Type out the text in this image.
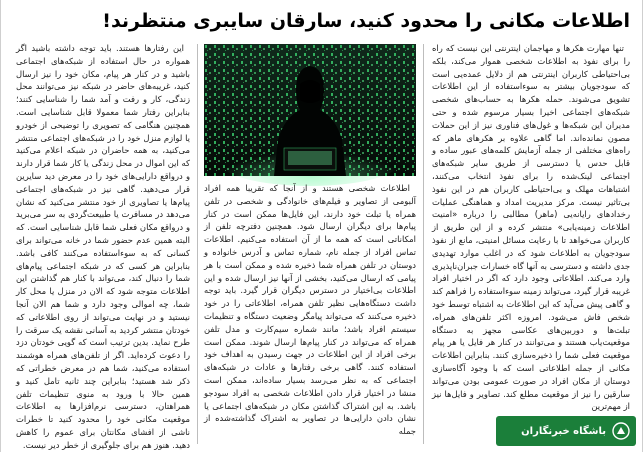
اطلاعات مکانی را محدود کنید، سارقان سایبری منتظرند!

تنها مهارت هکرها و مهاجمان اینترنتی این نیست که راه را برای نفوذ به اطلاعات شخصی هموار می‌کند، بلکه بی‌احتیاطی کاربران اینترنتی هم از دلایل عمده‌یی است که سودجویان بیشتر به سوءاستفاده از این اطلاعات تشویق می‌شوند. حمله هکرها به حساب‌های شخصی شبکه‌های اجتماعی اخیرا بسیار مرسوم شده و حتی مدیران این شبکه‌ها و غول‌های فناوری نیز از این حملات مصون نمانده‌اند. اما گاهی علاوه بر هکرهای ماهر که راه‌های مختلفی از جمله آزمایش کلمه‌های عبور ساده و قابل حدس یا دسترسی از طریق سایر شبکه‌های اجتماعی لینک‌شده را برای نفوذ انتخاب می‌کنند، اشتباهات مهلک و بی‌احتیاطی کاربران هم در این نفوذ بی‌تاثیر نیست. مرکز مدیریت امداد و هماهنگی عملیات رخدادهای رایانه‌یی (ماهر) مطالبی را درباره «امنیت اطلاعات زمینه‌یابی» منتشر کرده و از این طریق از کاربران می‌خواهد تا با رعایت مسائل امنیتی، مانع از نفوذ سودجویان به اطلاعات شود که در اغلب موارد تهدیدی جدی داشته و دسترسی به آنها گاه خسارات جبران‌ناپذیری وارد می‌کند. اطلاعاتی وجود دارد که اگر در اختیار افراد غریبه قرار گیرد، می‌تواند زمینه سوءاستفاده را فراهم کند و گاهی پیش می‌آید که این اطلاعات به اشتباه توسط خود شخص فاش می‌شود. امروزه اکثر تلفن‌های همراه، تبلت‌ها و دوربین‌های عکاسی مجهز به دستگاه موقعیت‌یاب هستند و می‌توانند در کنار هر فایل یا هر پیام موقعیت فعلی شما را ذخیره‌سازی کنند. بنابراین اطلاعات مکانی از جمله اطلاعاتی است که با وجود آگاه‌سازی دوستان از مکان افراد در صورت عمومی بودن می‌تواند سارقین را نیز از موقعیت مطلع کند. تصاویر و فایل‌ها نیز از مهم‌ترین

اطلاعات شخصی هستند و از آنجا که تقریبا همه افراد آلبومی از تصاویر و فیلم‌های خانوادگی و شخصی در تلفن همراه یا تبلت خود دارند، این فایل‌ها ممکن است در کنار پیام‌ها برای دیگران ارسال شود. همچنین دفترچه تلفن از امکاناتی است که همه ما از آن استفاده می‌کنیم. اطلاعات تماس افراد از جمله نام، شماره تماس و آدرس خانواده و دوستان در تلفن همراه شما ذخیره شده و ممکن است با هر پیامی که ارسال می‌کنید، بخشی از آنها نیز ارسال شده و این اطلاعات بی‌اختیار در دسترس دیگران قرار گیرد. باید توجه داشت دستگاه‌هایی نظیر تلفن همراه، اطلاعاتی را در خود ذخیره می‌کنند که می‌تواند پیامگر وضعیت دستگاه و تنظیمات سیستم افراد باشد؛ مانند شماره سیم‌کارت و مدل تلفن همراه که می‌تواند در کنار پیام‌ها ارسال شوند. ممکن است برخی افراد از این اطلاعات در جهت رسیدن به اهداف خود استفاده کنند. گاهی برخی رفتارها و عادات در شبکه‌های اجتماعی که به نظر می‌رسد بسیار ساده‌اند، ممکن است منشا در اختیار قرار دادن اطلاعات شخصی به افراد سودجو باشد. به این اشتراک گذاشتن مکان در شبکه‌های اجتماعی یا نشان دادن دارایی‌ها در تصاویر به اشتراک گذاشته‌شده از جمله

این رفتارها هستند. باید توجه داشته باشید اگر همواره در حال استفاده از شبکه‌های اجتماعی باشید و در کنار هر پیام، مکان خود را نیز ارسال کنید، غریبه‌های حاضر در شبکه نیز می‌توانند محل زندگی، کار و رفت و آمد شما را شناسایی کنند؛ بنابراین رفتار شما معمولا قابل شناسایی است. همچنین هنگامی که تصویری را توضیحی از خودرو یا لوازم منزل خود را در شبکه‌های اجتماعی منتشر می‌کنید، به همه حاضران در شبکه اعلام می‌کنید که این اموال در محل زندگی یا کار شما قرار دارند و درواقع دارایی‌های خود را در معرض دید سایرین قرار می‌دهید. گاهی نیز در شبکه‌های اجتماعی پیام‌ها یا تصاویری از خود منتشر می‌کنید که نشان می‌دهد در مسافرت یا طبیعت‌گردی به سر می‌برید و درواقع مکان فعلی شما قابل شناسایی است. که البته همین عدم حضور شما در خانه می‌تواند برای کسانی که به سوءاستفاده می‌کنند کافی باشد. بنابراین هر کسی که در شبکه اجتماعی پیام‌های شما را دنبال کند، می‌تواند با کنار هم گذاشتن این اطلاعات متوجه شود که الان در منزل یا محل کار شما، چه اموالی وجود دارد و شما هم الان آنجا نیستید و در نهایت می‌تواند از روی اطلاعاتی که خودتان منتشر کردید به آسانی نقشه یک سرقت را طرح نماید. بدین ترتیب است که گویی خودتان دزد را دعوت کرده‌اید. اگر از تلفن‌های همراه هوشمند استفاده می‌کنید، شما هم در معرض خطراتی که ذکر شد هستید؛ بنابراین چند ثانیه تامل کنید و همین حالا با ورود به منوی تنظیمات تلفن همراهتان، دسترسی نرم‌افزارها به اطلاعات موقعیت مکانی خود را محدود کنید تا خطرات ناشی از افشای مکانتان برای عموم را کاهش دهید. هنوز هم برای جلوگیری از خطر دیر نیست.

باشگاه خبرنگاران
